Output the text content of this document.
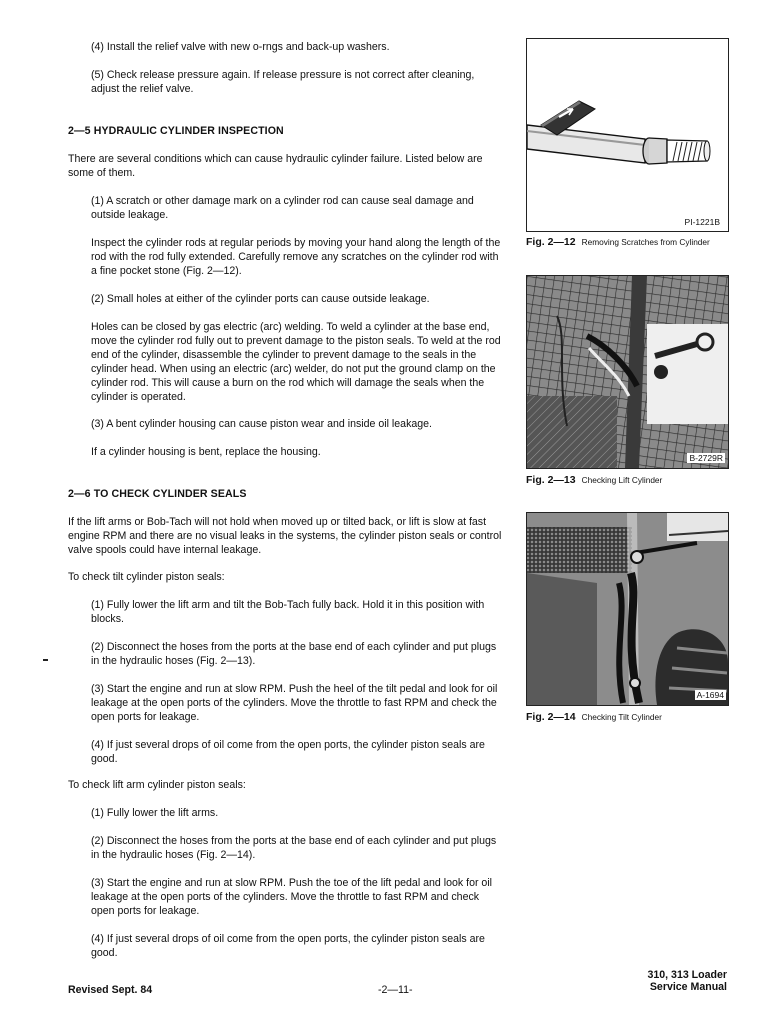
(4) Install the relief valve with new o-rngs and back-up washers.

(5) Check release pressure again. If release pressure is not correct after cleaning, adjust the relief valve.

2—5 HYDRAULIC CYLINDER INSPECTION

There are several conditions which can cause hydraulic cylinder failure. Listed below are some of them.

(1) A scratch or other damage mark on a cylinder rod can cause seal damage and outside leakage.

Inspect the cylinder rods at regular periods by moving your hand along the length of the rod with the rod fully extended. Carefully remove any scratches on the cylinder rod with a fine pocket stone (Fig. 2—12).

(2) Small holes at either of the cylinder ports can cause outside leakage.

Holes can be closed by gas electric (arc) welding. To weld a cylinder at the base end, move the cylinder rod fully out to prevent damage to the piston seals. To weld at the rod end of the cylinder, disassemble the cylinder to prevent damage to the seals in the cylinder head. When using an electric (arc) welder, do not put the ground clamp on the cylinder rod. This will cause a burn on the rod which will damage the seals when the cylinder is operated.

(3) A bent cylinder housing can cause piston wear and inside oil leakage.

If a cylinder housing is bent, replace the housing.

2—6 TO CHECK CYLINDER SEALS

If the lift arms or Bob-Tach will not hold when moved up or tilted back, or lift is slow at fast engine RPM and there are no visual leaks in the systems, the cylinder piston seals or control valve spools could have internal leakage.

To check tilt cylinder piston seals:

(1) Fully lower the lift arm and tilt the Bob-Tach fully back. Hold it in this position with blocks.

(2) Disconnect the hoses from the ports at the base end of each cylinder and put plugs in the hydraulic hoses (Fig. 2—13).

(3) Start the engine and run at slow RPM. Push the heel of the tilt pedal and look for oil leakage at the open ports of the cylinders. Move the throttle to fast RPM and check the open ports for leakage.

(4) If just several drops of oil come from the open ports, the cylinder piston seals are good.

To check lift arm cylinder piston seals:

(1) Fully lower the lift arms.

(2) Disconnect the hoses from the ports at the base end of each cylinder and put plugs in the hydraulic hoses (Fig. 2—14).

(3) Start the engine and run at slow RPM. Push the toe of the lift pedal and look for oil leakage at the open ports of the cylinders. Move the throttle to fast RPM and check open ports for leakage.

(4) If just several drops of oil come from the open ports, the cylinder piston seals are good.

PI-1221B
Fig. 2—12 Removing Scratches from Cylinder
B-2729R
Fig. 2—13 Checking Lift Cylinder
A-1694
Fig. 2—14 Checking Tilt Cylinder
Revised Sept. 84	-2—11-
310, 313 Loader
Service Manual
